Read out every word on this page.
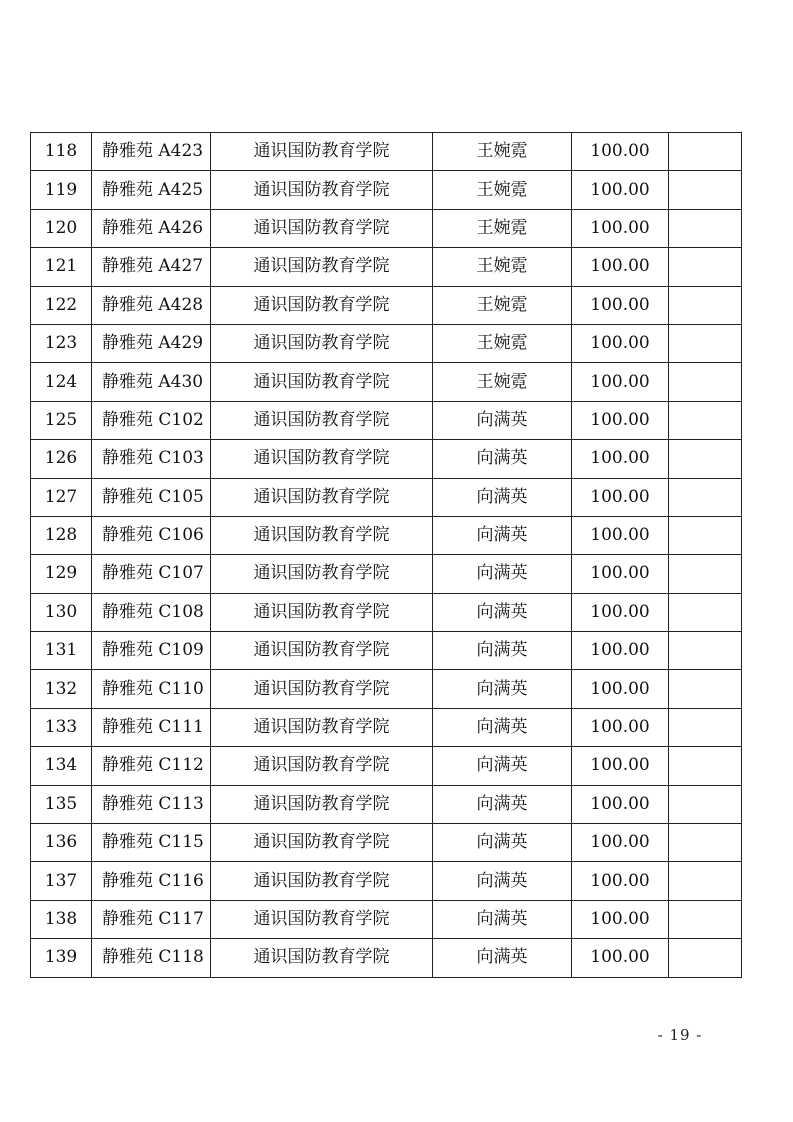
118	静雅苑 A423	通识国防教育学院	王婉霓	100.00	
119	静雅苑 A425	通识国防教育学院	王婉霓	100.00	
120	静雅苑 A426	通识国防教育学院	王婉霓	100.00	
121	静雅苑 A427	通识国防教育学院	王婉霓	100.00	
122	静雅苑 A428	通识国防教育学院	王婉霓	100.00	
123	静雅苑 A429	通识国防教育学院	王婉霓	100.00	
124	静雅苑 A430	通识国防教育学院	王婉霓	100.00	
125	静雅苑 C102	通识国防教育学院	向满英	100.00	
126	静雅苑 C103	通识国防教育学院	向满英	100.00	
127	静雅苑 C105	通识国防教育学院	向满英	100.00	
128	静雅苑 C106	通识国防教育学院	向满英	100.00	
129	静雅苑 C107	通识国防教育学院	向满英	100.00	
130	静雅苑 C108	通识国防教育学院	向满英	100.00	
131	静雅苑 C109	通识国防教育学院	向满英	100.00	
132	静雅苑 C110	通识国防教育学院	向满英	100.00	
133	静雅苑 C111	通识国防教育学院	向满英	100.00	
134	静雅苑 C112	通识国防教育学院	向满英	100.00	
135	静雅苑 C113	通识国防教育学院	向满英	100.00	
136	静雅苑 C115	通识国防教育学院	向满英	100.00	
137	静雅苑 C116	通识国防教育学院	向满英	100.00	
138	静雅苑 C117	通识国防教育学院	向满英	100.00	
139	静雅苑 C118	通识国防教育学院	向满英	100.00	
- 19 -
